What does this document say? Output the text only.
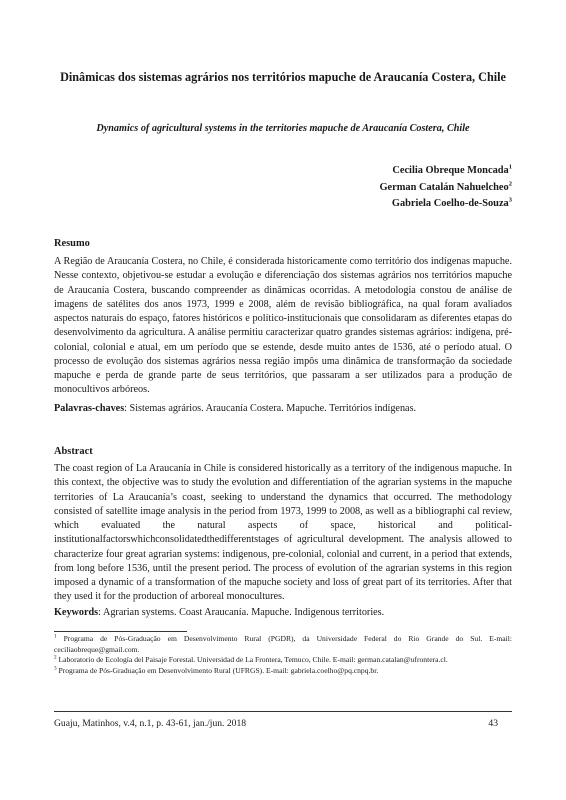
Dinâmicas dos sistemas agrários nos territórios mapuche de Araucanía Costera, Chile
Dynamics of agricultural systems in the territories mapuche de Araucanía Costera, Chile
Cecilia Obreque Moncada$^1$
German Catalán Nahuelcheo$^2$
Gabriela Coelho-de-Souza$^3$
Resumo

A Região de Araucanía Costera, no Chile, é considerada historicamente como território dos indígenas mapuche. Nesse contexto, objetivou-se estudar a evolução e diferenciação dos sistemas agrários nos territórios mapuche de Araucanía Costera, buscando compreender as dinâmicas ocorridas. A metodologia constou de análise de imagens de satélites dos anos 1973, 1999 e 2008, além de revisão bibliográfica, na qual foram avaliados aspectos naturais do espaço, fatores históricos e político-institucionais que consolidaram as diferentes etapas do desenvolvimento da agricultura. A análise permitiu caracterizar quatro grandes sistemas agrários: indígena, pré-colonial, colonial e atual, em um período que se estende, desde muito antes de 1536, até o período atual. O processo de evolução dos sistemas agrários nessa região impôs uma dinâmica de transformação da sociedade mapuche e perda de grande parte de seus territórios, que passaram a ser utilizados para a produção de monocultivos arbóreos.

Palavras-chaves: Sistemas agrários. Araucanía Costera. Mapuche. Territórios indígenas.
Abstract

The coast region of La Araucanía in Chile is considered historically as a territory of the indigenous mapuche. In this context, the objective was to study the evolution and differentiation of the agrarian systems in the mapuche territories of La Araucanía’s coast, seeking to understand the dynamics that occurred. The methodology consisted of satellite image analysis in the period from 1973, 1999 to 2008, as well as a bibliographi cal review, which evaluated the natural aspects of space, historical and political-institutionalfactorswhichconsolidatedthedifferentstages of agricultural development. The analysis allowed to characterize four great agrarian systems: indigenous, pre-colonial, colonial and current, in a period that extends, from long before 1536, until the present period. The process of evolution of the agrarian systems in this region imposed a dynamic of a transformation of the mapuche society and loss of great part of its territories. After that they used it for the production of arboreal monocultures.

Keywords: Agrarian systems. Coast Araucanía. Mapuche. Indigenous territories.

$^1$ Programa de Pós-Graduação em Desenvolvimento Rural (PGDR), da Universidade Federal do Rio Grande do Sul. E-mail: ceciliaobreque@gmail.com.

$^2$ Laboratorio de Ecología del Paisaje Forestal. Universidad de La Frontera, Temuco, Chile. E-mail: german.catalan@ufrontera.cl.

$^3$ Programa de Pós-Graduação em Desenvolvimento Rural (UFRGS). E-mail: gabriela.coelho@pq.cnpq.br.

Guaju, Matinhos, v.4, n.1, p. 43-61, jan./jun. 2018	43
